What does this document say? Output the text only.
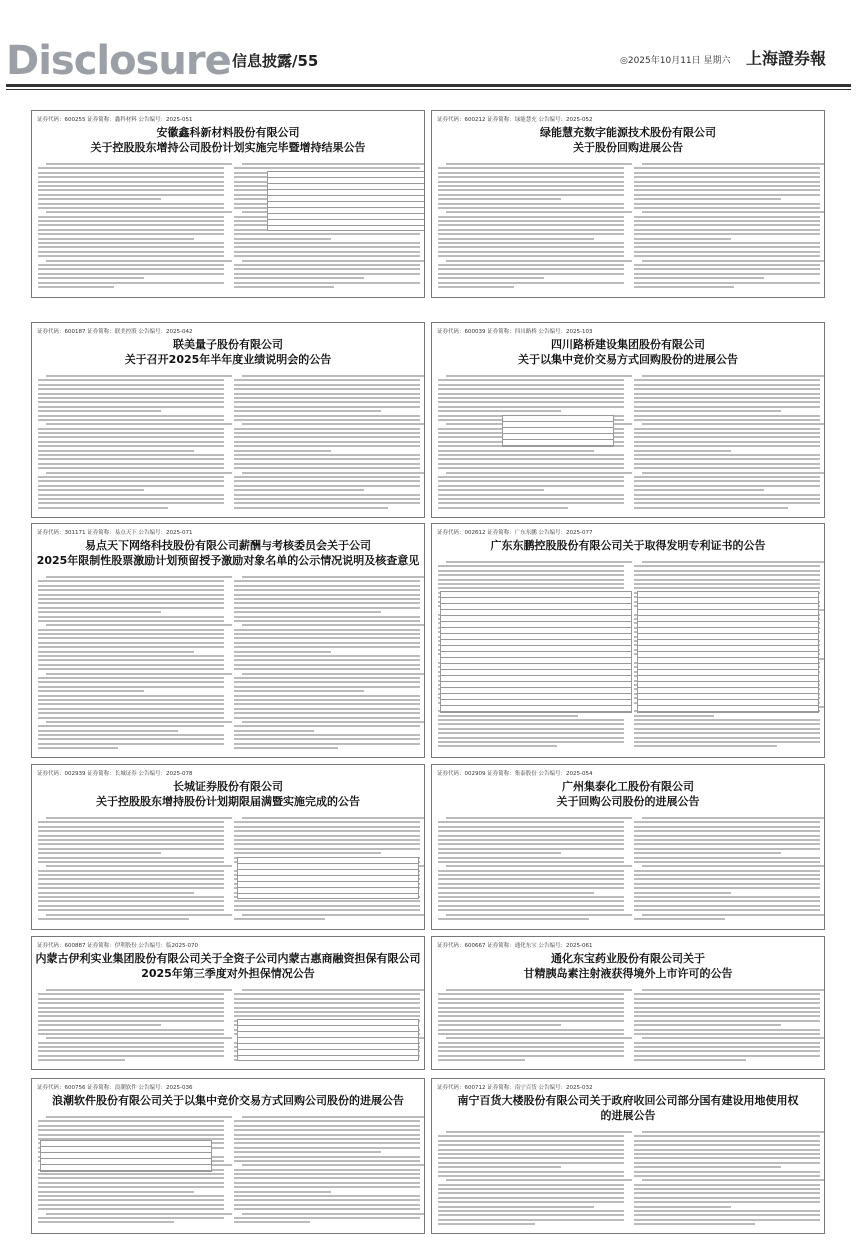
Disclosure 信息披露/55	◎2025年10月11日 星期六 上海證券報
证券代码：600255 证券简称：鑫科材料 公告编号：2025-051
安徽鑫科新材料股份有限公司
关于控股股东增持公司股份计划实施完毕暨增持结果公告
证券代码：600212 证券简称：绿能慧充 公告编号：2025-052
绿能慧充数字能源技术股份有限公司
关于股份回购进展公告
证券代码：600187 证券简称：联美控股 公告编号：2025-042
联美量子股份有限公司
关于召开2025年半年度业绩说明会的公告
证券代码：600039 证券简称：四川路桥 公告编号：2025-103
四川路桥建设集团股份有限公司
关于以集中竞价交易方式回购股份的进展公告
证券代码：301171 证券简称：易点天下 公告编号：2025-071
易点天下网络科技股份有限公司薪酬与考核委员会关于公司
2025年限制性股票激励计划预留授予激励对象名单的公示情况说明及核查意见
证券代码：002612 证券简称：广东东鹏 公告编号：2025-077
广东东鹏控股股份有限公司关于取得发明专利证书的公告
证券代码：002939 证券简称：长城证券 公告编号：2025-078
长城证券股份有限公司
关于控股股东增持股份计划期限届满暨实施完成的公告
证券代码：002909 证券简称：集泰股份 公告编号：2025-054
广州集泰化工股份有限公司
关于回购公司股份的进展公告
证券代码：600887 证券简称：伊利股份 公告编号：临2025-070
内蒙古伊利实业集团股份有限公司关于全资子公司内蒙古惠商融资担保有限公司
2025年第三季度对外担保情况公告
证券代码：600667 证券简称：通化东宝 公告编号：2025-061
通化东宝药业股份有限公司关于
甘精胰岛素注射液获得境外上市许可的公告
证券代码：600756 证券简称：浪潮软件 公告编号：2025-036
浪潮软件股份有限公司关于以集中竞价交易方式回购公司股份的进展公告
证券代码：600712 证券简称：南宁百货 公告编号：2025-032
南宁百货大楼股份有限公司关于政府收回公司部分国有建设用地使用权
的进展公告
